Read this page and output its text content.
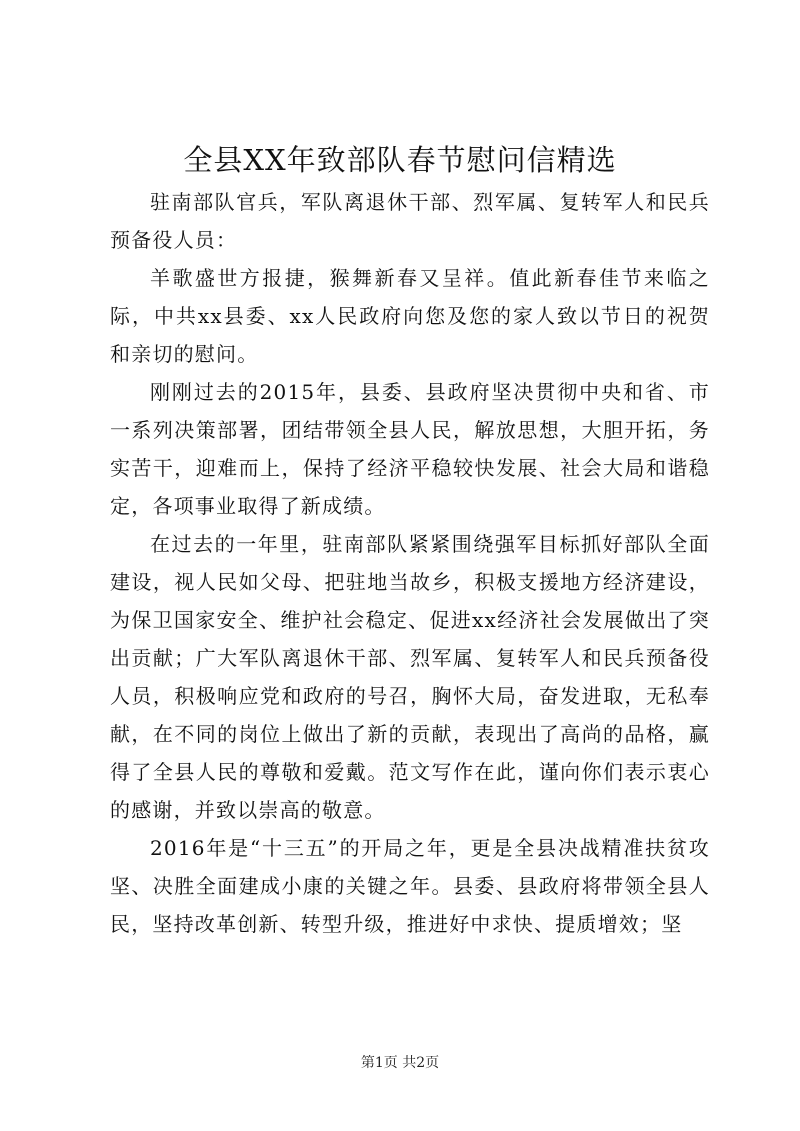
全县XX年致部队春节慰问信精选

驻南部队官兵，军队离退休干部、烈军属、复转军人和民兵预备役人员：

羊歌盛世方报捷，猴舞新春又呈祥。值此新春佳节来临之际，中共xx县委、xx人民政府向您及您的家人致以节日的祝贺和亲切的慰问。

刚刚过去的2015年，县委、县政府坚决贯彻中央和省、市一系列决策部署，团结带领全县人民，解放思想，大胆开拓，务实苦干，迎难而上，保持了经济平稳较快发展、社会大局和谐稳定，各项事业取得了新成绩。

在过去的一年里，驻南部队紧紧围绕强军目标抓好部队全面建设，视人民如父母、把驻地当故乡，积极支援地方经济建设，为保卫国家安全、维护社会稳定、促进xx经济社会发展做出了突出贡献；广大军队离退休干部、烈军属、复转军人和民兵预备役人员，积极响应党和政府的号召，胸怀大局，奋发进取，无私奉献，在不同的岗位上做出了新的贡献，表现出了高尚的品格，赢得了全县人民的尊敬和爱戴。范文写作在此，谨向你们表示衷心的感谢，并致以崇高的敬意。

2016年是“十三五”的开局之年，更是全县决战精准扶贫攻坚、决胜全面建成小康的关键之年。县委、县政府将带领全县人民，坚持改革创新、转型升级，推进好中求快、提质增效；坚

第1页 共2页
